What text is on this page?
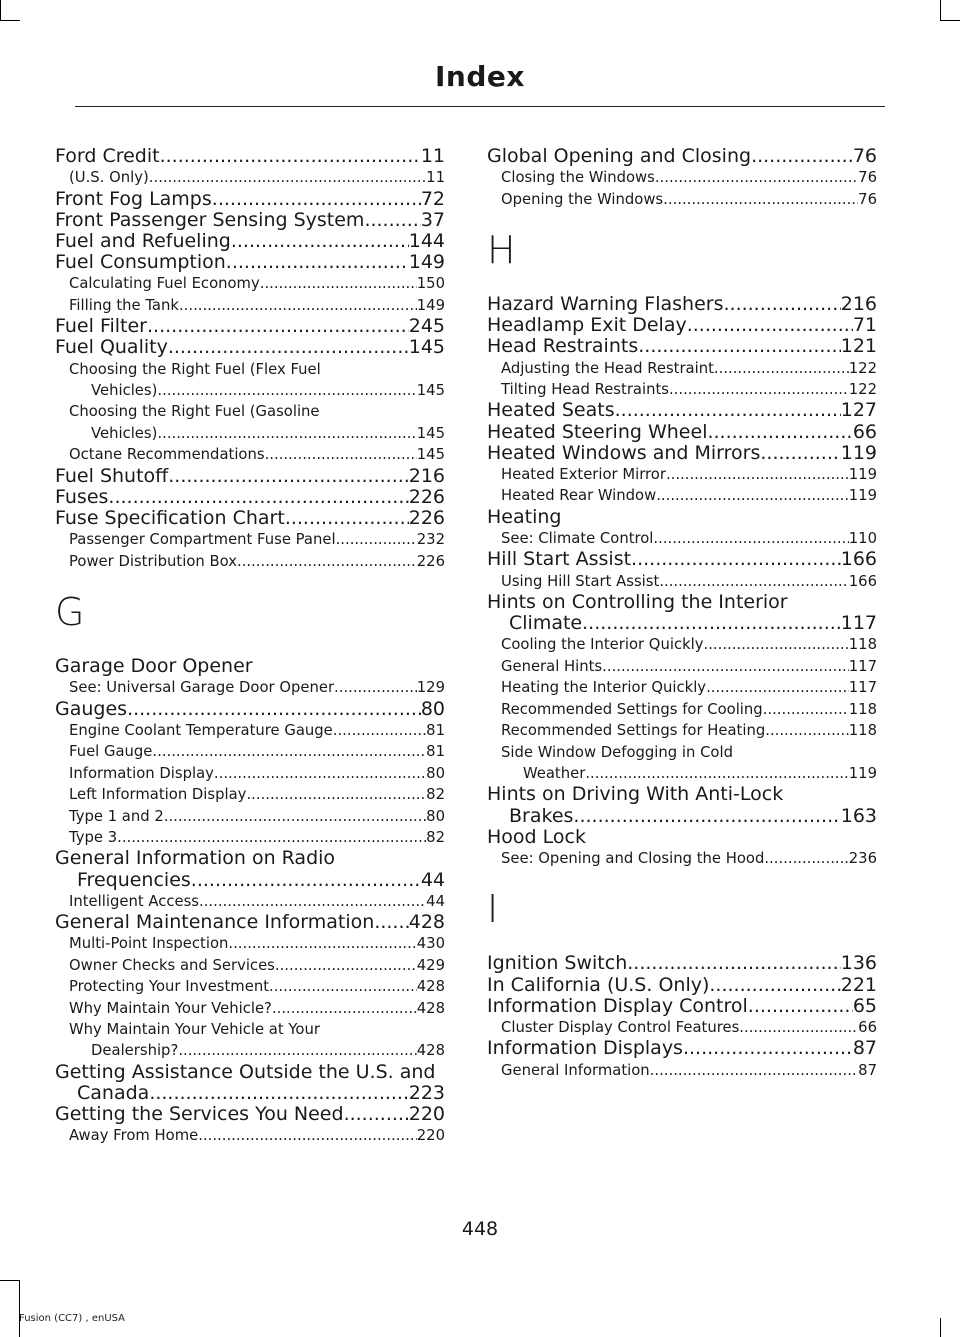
Index
Ford Credit .....	11
(U.S. Only) .....	11
Front Fog Lamps .....	72
Front Passenger Sensing System .....	37
Fuel and Refueling .....	144
Fuel Consumption .....	149
Calculating Fuel Economy .....	150
Filling the Tank .....	149
Fuel Filter .....	245
Fuel Quality .....	145
Choosing the Right Fuel (Flex Fuel
Vehicles) .....	145
Choosing the Right Fuel (Gasoline
Vehicles) .....	145
Octane Recommendations .....	145
Fuel Shutoff .....	216
Fuses .....	226
Fuse Specification Chart .....	226
Passenger Compartment Fuse Panel .....	232
Power Distribution Box .....	226
G
Garage Door Opener
See: Universal Garage Door Opener .....	129
Gauges .....	80
Engine Coolant Temperature Gauge .....	81
Fuel Gauge .....	81
Information Display .....	80
Left Information Display .....	82
Type 1 and 2 .....	80
Type 3 .....	82
General Information on Radio
Frequencies .....	44
Intelligent Access .....	44
General Maintenance Information ..... 428
Multi-Point Inspection .....	430
Owner Checks and Services .....	429
Protecting Your Investment .....	428
Why Maintain Your Vehicle? .....	428
Why Maintain Your Vehicle at Your
Dealership? .....	428
Getting Assistance Outside the U.S. and
Canada .....	223
Getting the Services You Need .....	220
Away From Home .....	220
Global Opening and Closing .....	76
Closing the Windows .....	76
Opening the Windows .....	76
H
Hazard Warning Flashers .....	216
Headlamp Exit Delay .....	71
Head Restraints .....	121
Adjusting the Head Restraint .....	122
Tilting Head Restraints .....	122
Heated Seats .....	127
Heated Steering Wheel .....	66
Heated Windows and Mirrors .....	119
Heated Exterior Mirror .....	119
Heated Rear Window .....	119
Heating
See: Climate Control .....	110
Hill Start Assist .....	166
Using Hill Start Assist .....	166
Hints on Controlling the Interior
Climate .....	117
Cooling the Interior Quickly .....	118
General Hints .....	117
Heating the Interior Quickly .....	117
Recommended Settings for Cooling .....	118
Recommended Settings for Heating .....	118
Side Window Defogging in Cold
Weather .....	119
Hints on Driving With Anti-Lock
Brakes .....	163
Hood Lock
See: Opening and Closing the Hood .....	236
I
Ignition Switch .....	136
In California (U.S. Only) .....	221
Information Display Control .....	65
Cluster Display Control Features .....	66
Information Displays .....	87
General Information .....	87
448
Fusion (CC7) , enUSA
